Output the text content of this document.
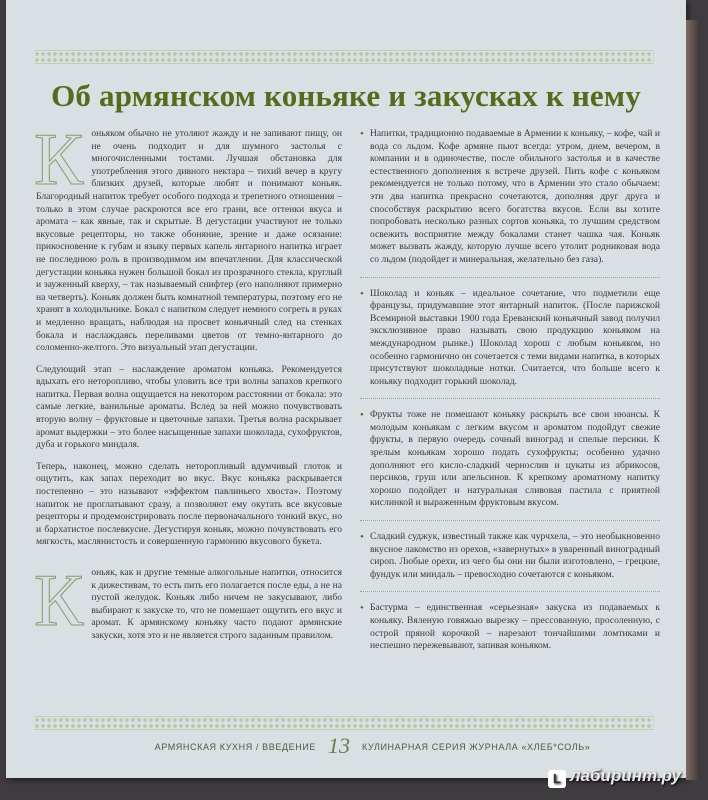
Об армянском коньяке и закусках к нему

К оньяком обычно не утоляют жажду и не запивают пищу, он не очень подходит и для шумного застолья с многочисленными тостами. Лучшая обстановка для употребления этого дивного нектара – тихий вечер в кругу близких друзей, которые любят и понимают коньяк. Благородный напиток требует особого подхода и трепетного отношения – только в этом случае раскроются все его грани, все оттенки вкуса и аромата – как явные, так и скрытые. В дегустации участвуют не только вкусовые рецепторы, но также обоняние, зрение и даже осязание: прикосновение к губам и языку первых капель янтарного напитка играет не последнюю роль в производимом им впечатлении. Для классической дегустации коньяка нужен большой бокал из прозрачного стекла, круглый и зауженный кверху, – так называемый снифтер (его наполняют примерно на четверть). Коньяк должен быть комнатной температуры, поэтому его не хранят в холодильнике. Бокал с напитком следует немного согреть в руках и медленно вращать, наблюдая на просвет коньячный след на стенках бокала и наслаждаясь переливами цветов от темно-янтарного до соломенно-желтого. Это визуальный этап дегустации.

Следующий этап – наслаждение ароматом коньяка. Рекомендуется вдыхать его неторопливо, чтобы уловить все три волны запахов крепкого напитка. Первая волна ощущается на некотором расстоянии от бокала: это самые легкие, ванильные ароматы. Вслед за ней можно почувствовать вторую волну – фруктовые и цветочные запахи. Третья волна раскрывает аромат выдержки – это более насыщенные запахи шоколада, сухофруктов, дуба и горького миндаля.

Теперь, наконец, можно сделать неторопливый вдумчивый глоток и ощутить, как запах переходит во вкус. Вкус коньяка раскрывается постепенно – это называют «эффектом павлиньего хвоста». Поэтому напиток не проглатывают сразу, а позволяют ему окутать все вкусовые рецепторы и продемонстрировать после первоначального тонкий вкус, но и бархатистое послевкусие. Дегустируя коньяк, можно почувствовать его мягкость, маслянистость и совершенную гармонию вкусового букета.

К оньяк, как и другие темные алкогольные напитки, относится к дижестивам, то есть пить его полагается после еды, а не на пустой желудок. Коньяк либо ничем не закусывают, либо выбирают к закуске то, что не помешает ощутить его вкус и аромат. К армянскому коньяку часто подают армянские закуски, хотя это и не является строго заданным правилом.

• Напитки, традиционно подаваемые в Армении к коньяку, – кофе, чай и вода со льдом. Кофе армяне пьют всегда: утром, днем, вечером, в компании и в одиночестве, после обильного застолья и в качестве естественного дополнения к встрече друзей. Пить кофе с коньяком рекомендуется не только потому, что в Армении это стало обычаем: эти два напитка прекрасно сочетаются, дополняя друг друга и способствуя раскрытию всего богатства вкусов. Если вы хотите попробовать несколько разных сортов коньяка, то лучшим средством освежить восприятие между бокалами станет чашка чая. Коньяк может вызвать жажду, которую лучше всего утолит родниковая вода со льдом (подойдет и минеральная, желательно без газа).
• Шоколад и коньяк – идеальное сочетание, что подметили еще французы, придумавшие этот янтарный напиток. (После парижской Всемирной выставки 1900 года Ереванский коньячный завод получил эксклюзивное право называть свою продукцию коньяком на международном рынке.) Шоколад хорош с любым коньяком, но особенно гармонично он сочетается с теми видами напитка, в которых присутствуют шоколадные нотки. Считается, что больше всего к коньяку подходит горький шоколад.
• Фрукты тоже не помешают коньяку раскрыть все свои нюансы. К молодым коньякам с легким вкусом и ароматом подойдут свежие фрукты, в первую очередь сочный виноград и спелые персики. К зрелым коньякам хорошо подать сухофрукты; особенно удачно дополняют его кисло-сладкий чернослив и цукаты из абрикосов, персиков, груш или апельсинов. К крепкому ароматному напитку хорошо подойдет и натуральная сливовая пастила с приятной кислинкой и выраженным фруктовым вкусом.
• Сладкий суджук, известный также как чурчхела, – это необыкновенно вкусное лакомство из орехов, «завернутых» в уваренный виноградный сироп. Любые орехи, из чего бы они ни были изготовлено, – грецкие, фундук или миндаль – превосходно сочетаются с коньяком.
• Бастурма – единственная «серьезная» закуска из подаваемых к коньяку. Вяленую говяжью вырезку – прессованную, просоленную, с острой пряной корочкой – нарезают тончайшими ломтиками и неспешно пережевывают, запивая коньяком.
АРМЯНСКАЯ КУХНЯ / ВВЕДЕНИЕ 13 КУЛИНАРНАЯ СЕРИЯ ЖУРНАЛА «ХЛЕБ*СОЛЬ»
L лабиринт.ру
